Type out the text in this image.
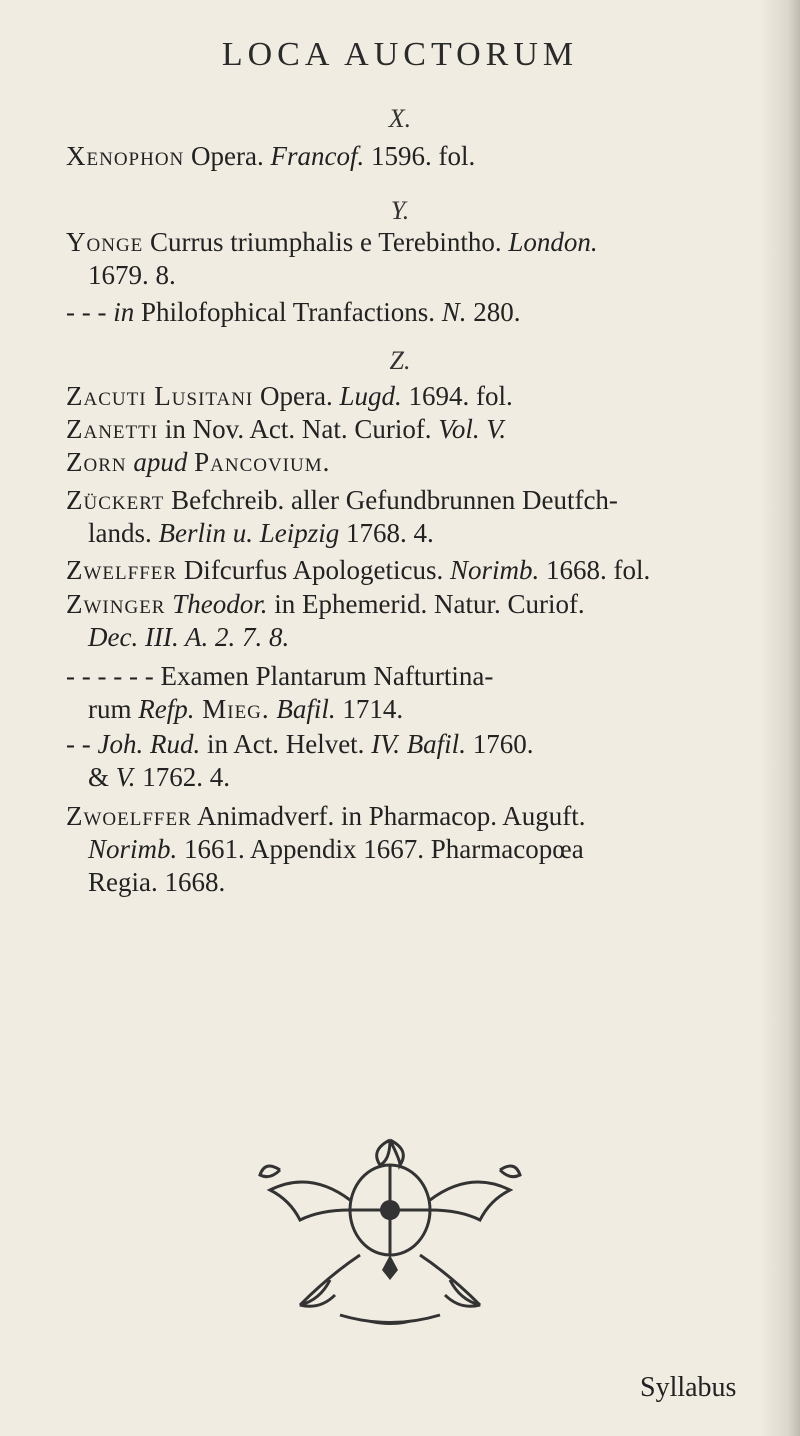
LOCA AUCTORUM
X.
Xenophon Opera. Francof. 1596. fol.
Y.
Yonge Currus triumphalis e Terebintho. London.
1679. 8.
- - - in Philofophical Tranfactions. N. 280.
Z.
Zacuti Lusitani Opera. Lugd. 1694. fol.
Zanetti in Nov. Act. Nat. Curiof. Vol. V.
Zorn apud Pancovium.
Zückert Befchreib. aller Gefundbrunnen Deutfch-
lands. Berlin u. Leipzig 1768. 4.
Zwelffer Difcurfus Apologeticus. Norimb. 1668. fol.
Zwinger Theodor. in Ephemerid. Natur. Curiof.
Dec. III. A. 2. 7. 8.
- - - - - - Examen Plantarum Nafturtina-
rum Refp. Mieg. Bafil. 1714.
- - Joh. Rud. in Act. Helvet. IV. Bafil. 1760.
& V. 1762. 4.
Zwoelffer Animadverf. in Pharmacop. Auguft.
Norimb. 1661. Appendix 1667. Pharmacopœa
Regia. 1668.
Syllabus
